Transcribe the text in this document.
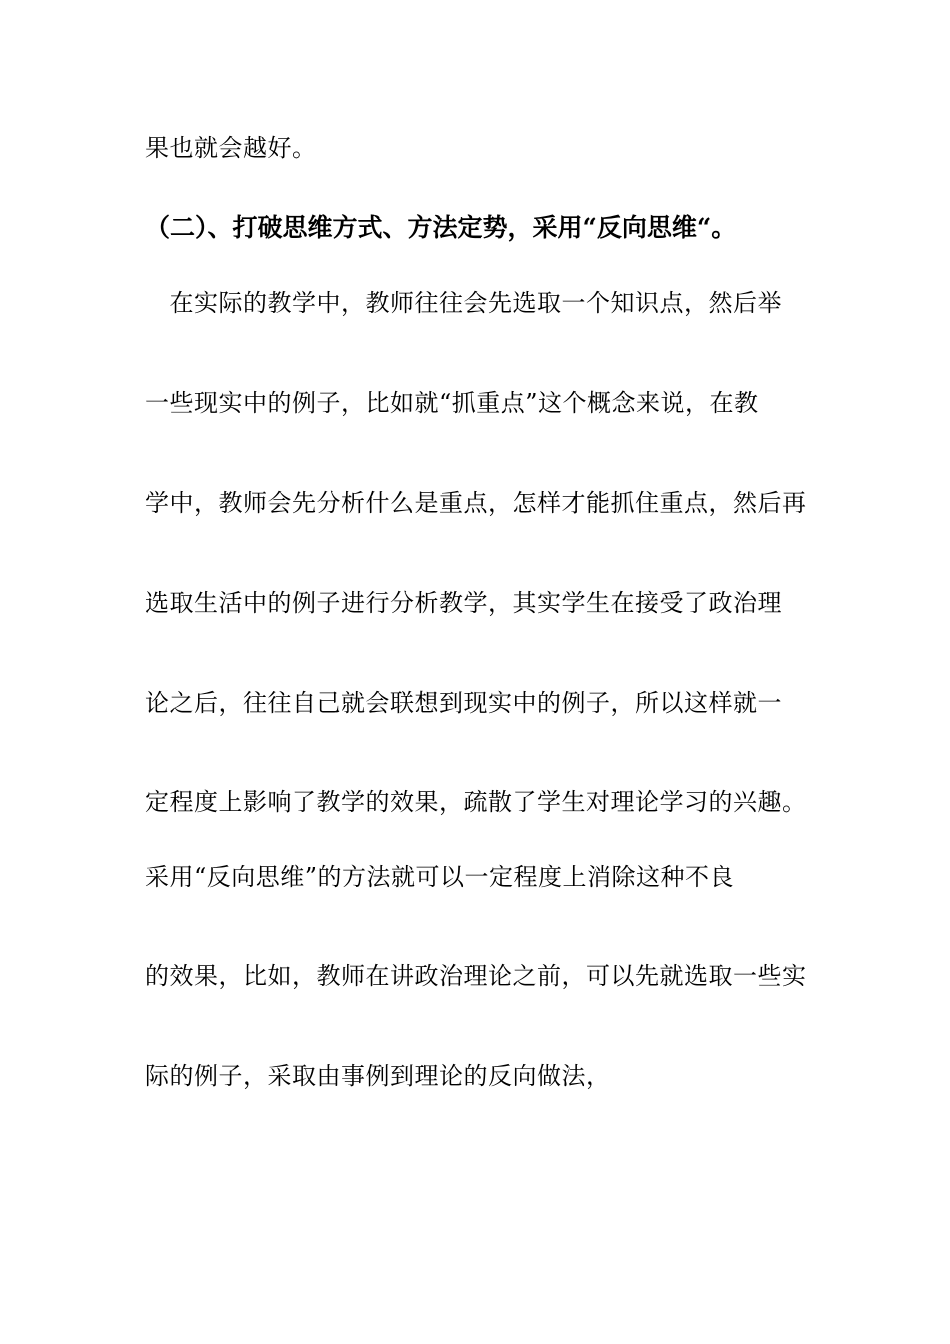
果也就会越好。
（二）、打破思维方式、方法定势，采用“反向思维“。
　在实际的教学中，教师往往会先选取一个知识点，然后举
一些现实中的例子，比如就“抓重点”这个概念来说，在教
学中，教师会先分析什么是重点，怎样才能抓住重点，然后再
选取生活中的例子进行分析教学，其实学生在接受了政治理
论之后，往往自己就会联想到现实中的例子，所以这样就一
定程度上影响了教学的效果，疏散了学生对理论学习的兴趣。
采用“反向思维”的方法就可以一定程度上消除这种不良
的效果，比如，教师在讲政治理论之前，可以先就选取一些实
际的例子，采取由事例到理论的反向做法，
